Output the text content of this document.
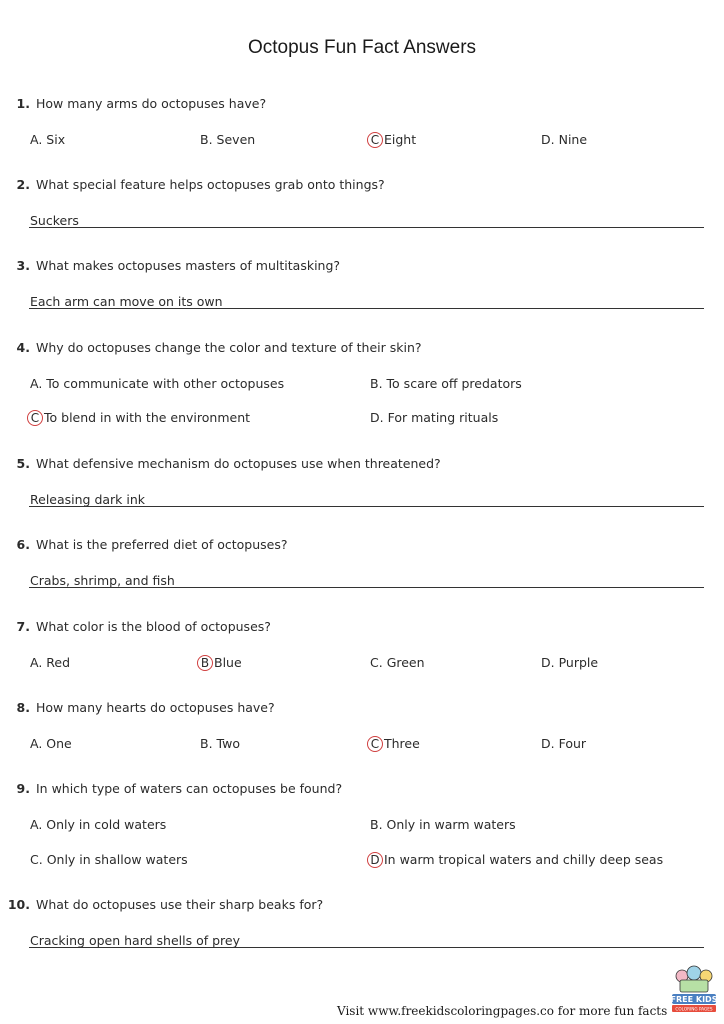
Octopus Fun Fact Answers
1. How many arms do octopuses have?
A. Six	B. Seven	C Eight	D. Nine
2. What special feature helps octopuses grab onto things?
Suckers
3. What makes octopuses masters of multitasking?
Each arm can move on its own
4. Why do octopuses change the color and texture of their skin?
A. To communicate with other octopuses	B. To scare off predators
C To blend in with the environment	D. For mating rituals
5. What defensive mechanism do octopuses use when threatened?
Releasing dark ink
6. What is the preferred diet of octopuses?
Crabs, shrimp, and fish
7. What color is the blood of octopuses?
A. Red	B Blue	C. Green	D. Purple
8. How many hearts do octopuses have?
A. One	B. Two	C Three	D. Four
9. In which type of waters can octopuses be found?
A. Only in cold waters	B. Only in warm waters
C. Only in shallow waters	D In warm tropical waters and chilly deep seas
10. What do octopuses use their sharp beaks for?
Cracking open hard shells of prey
Visit www.freekidscoloringpages.co for more fun facts
FREE KIDS
COLORING PAGES
